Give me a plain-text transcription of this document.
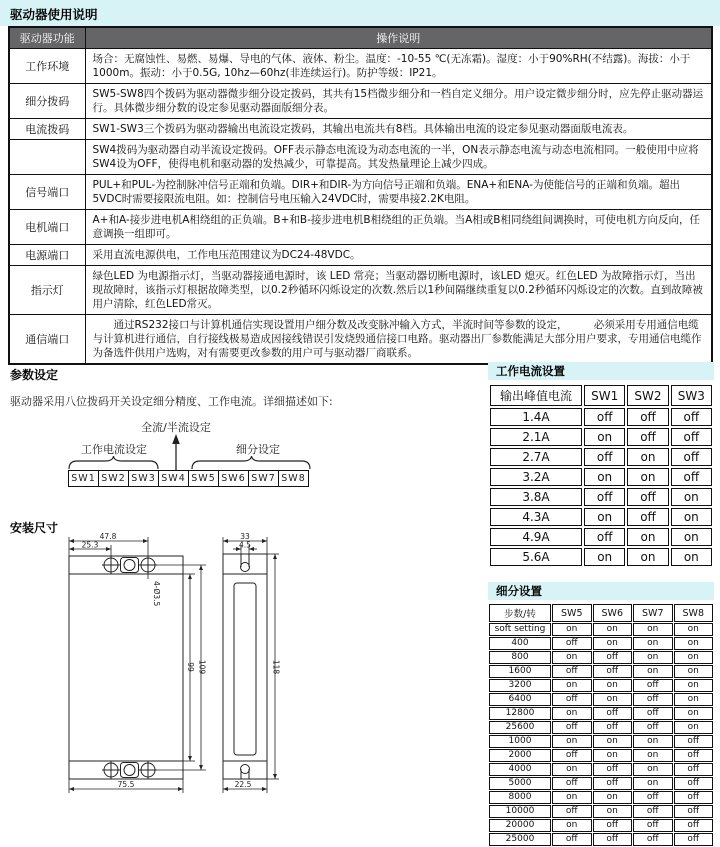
驱动器使用说明
驱动器功能	操作说明
工作环境	场合：无腐蚀性、易燃、易爆、导电的气体、液体、粉尘。温度：-10-55 ℃(无冻霜)。湿度：小于90%RH(不结露)。海拔：小于1000m。振动：小于0.5G, 10hz—60hz(非连续运行)。防护等级：IP21。
细分拨码	SW5-SW8四个拨码为驱动器微步细分设定拨码，其共有15档微步细分和一档自定义细分。用户设定微步细分时，应先停止驱动器运行。具体微步细分数的设定参见驱动器面版细分表。
电流拨码	SW1-SW3三个拨码为驱动器输出电流设定拨码，其输出电流共有8档。具体输出电流的设定参见驱动器面版电流表。
	SW4拨码为驱动器自动半流设定拨码。OFF表示静态电流设为动态电流的一半，ON表示静态电流与动态电流相同。一般使用中应将SW4设为OFF，使得电机和驱动器的发热减少，可靠提高。其发热量理论上减少四成。
信号端口	PUL+和PUL-为控制脉冲信号正端和负端。DIR+和DIR-为方向信号正端和负端。ENA+和ENA-为使能信号的正端和负端。超出5VDC时需要接限流电阻。如：控制信号电压输入24VDC时，需要串接2.2K电阻。
电机端口	A+和A-接步进电机A相绕组的正负端。B+和B-接步进电机B相绕组的正负端。当A相或B相同绕组间调换时，可使电机方向反向，任意调换一组即可。
电源端口	采用直流电源供电，工作电压范围建议为DC24-48VDC。
指示灯	绿色LED 为电源指示灯，当驱动器接通电源时，该 LED 常亮；当驱动器切断电源时，该LED 熄灭。红色LED 为故障指示灯，当出现故障时，该指示灯根据故障类型，以0.2秒循环闪烁设定的次数.然后以1秒间隔继续重复以0.2秒循环闪烁设定的次数。直到故障被用户清除，红色LED常灭。
通信端口	　　通过RS232接口与计算机通信实现设置用户细分数及改变脉冲输入方式，半流时间等参数的设定，　　　必须采用专用通信电缆与计算机进行通信，自行接线极易造成因接线错误引发烧毁通信接口电路。驱动器出厂参数能满足大部分用户要求，专用通信电缆作为备选件供用户选购，对有需要更改参数的用户可与驱动器厂商联系。
参数设定
驱动器采用八位拨码开关设定细分精度、工作电流。详细描述如下:
全流/半流设定
工作电流设定	细分设定
SW1 SW2 SW3 SW4 SW5 SW6 SW7 SW8
安装尺寸
47.8
25.3
4-Ø3.5
99 109
75.5
33
4.5
118
22.5
工作电流设置
输出峰值电流	SW1	SW2	SW3
1.4A	off	off	off
2.1A	on	off	off
2.7A	off	on	off
3.2A	on	on	off
3.8A	off	off	on
4.3A	on	off	on
4.9A	off	on	on
5.6A	on	on	on
细分设置
步数/转	SW5	SW6	SW7	SW8
soft setting	on	on	on	on
400	off	on	on	on
800	on	off	on	on
1600	off	off	on	on
3200	on	on	off	on
6400	off	on	off	on
12800	on	off	off	on
25600	off	off	off	on
1000	on	on	on	off
2000	off	on	on	off
4000	on	off	on	off
5000	off	off	on	off
8000	on	on	off	off
10000	off	on	off	off
20000	on	off	off	off
25000	off	off	off	off
